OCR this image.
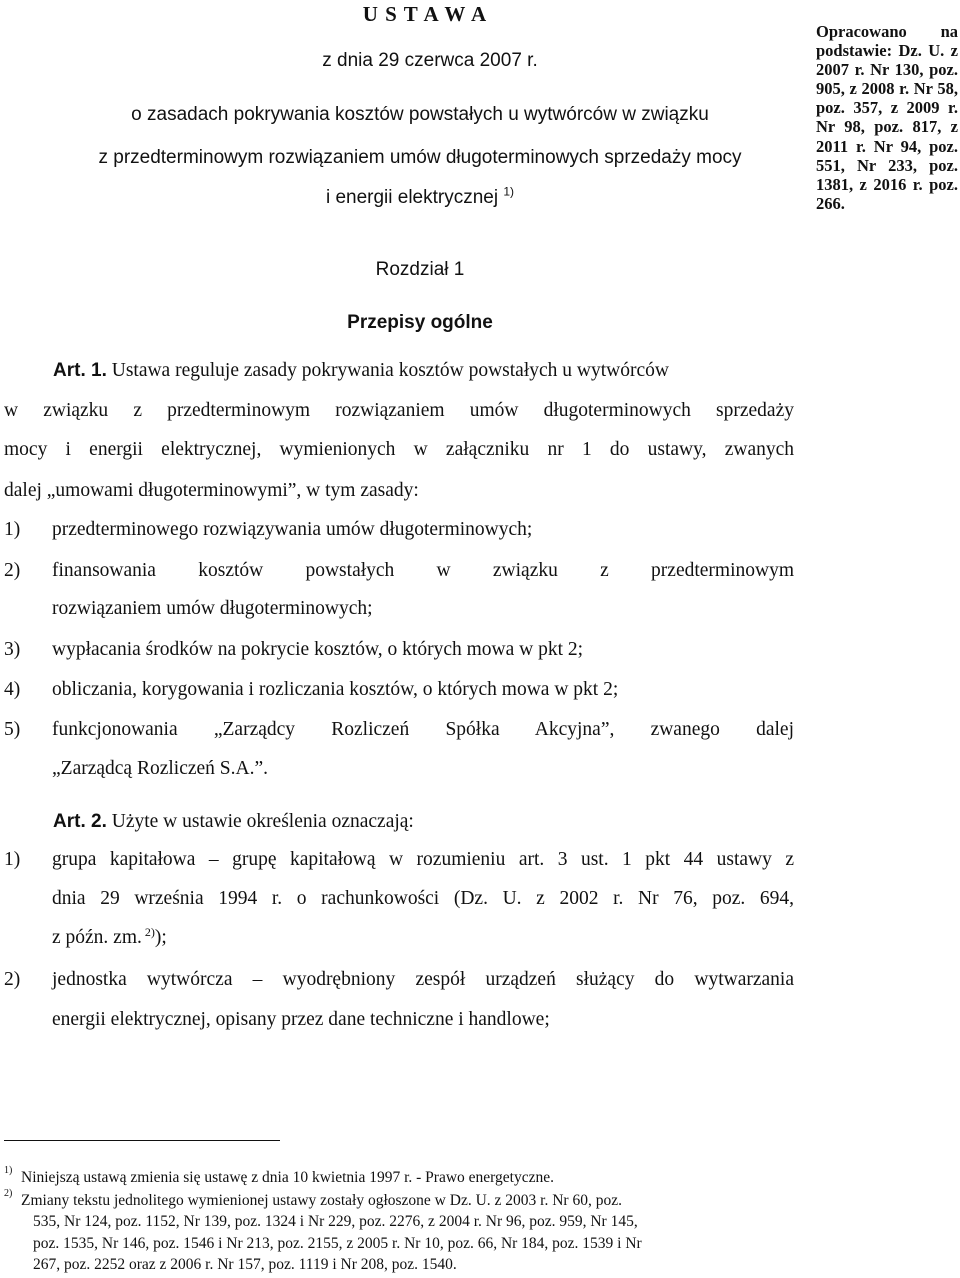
U S T A W A
z dnia 29 czerwca 2007 r.
o zasadach pokrywania kosztów powstałych u wytwórców w związku
z przedterminowym rozwiązaniem umów długoterminowych sprzedaży mocy
i energii elektrycznej $^{1)}$
Rozdział 1
Przepisy ogólne
Opracowano na podstawie: Dz. U. z 2007 r. Nr 130, poz. 905, z 2008 r. Nr 58, poz. 357, z 2009 r. Nr 98, poz. 817, z 2011 r. Nr 94, poz. 551, Nr 233, poz. 1381, z 2016 r. poz. 266.
Art. 1. Ustawa reguluje zasady pokrywania kosztów powstałych u wytwórców
w związku z przedterminowym rozwiązaniem umów długoterminowych sprzedaży
mocy i energii elektrycznej, wymienionych w załączniku nr 1 do ustawy, zwanych
dalej „umowami długoterminowymi”, w tym zasady:
1) przedterminowego rozwiązywania umów długoterminowych;
2) finansowania kosztów powstałych w związku z przedterminowym
rozwiązaniem umów długoterminowych;
3) wypłacania środków na pokrycie kosztów, o których mowa w pkt 2;
4) obliczania, korygowania i rozliczania kosztów, o których mowa w pkt 2;
5) funkcjonowania „Zarządcy Rozliczeń Spółka Akcyjna”, zwanego dalej
„Zarządcą Rozliczeń S.A.”.
Art. 2. Użyte w ustawie określenia oznaczają:
1) grupa kapitałowa – grupę kapitałową w rozumieniu art. 3 ust. 1 pkt 44 ustawy z
dnia 29 września 1994 r. o rachunkowości (Dz. U. z 2002 r. Nr 76, poz. 694,
z późn. zm. $^{2)}$);
2) jednostka wytwórcza – wyodrębniony zespół urządzeń służący do wytwarzania
energii elektrycznej, opisany przez dane techniczne i handlowe;
1) Niniejszą ustawą zmienia się ustawę z dnia 10 kwietnia 1997 r. - Prawo energetyczne.
2) Zmiany tekstu jednolitego wymienionej ustawy zostały ogłoszone w Dz. U. z 2003 r. Nr 60, poz.
535, Nr 124, poz. 1152, Nr 139, poz. 1324 i Nr 229, poz. 2276, z 2004 r. Nr 96, poz. 959, Nr 145,
poz. 1535, Nr 146, poz. 1546 i Nr 213, poz. 2155, z 2005 r. Nr 10, poz. 66, Nr 184, poz. 1539 i Nr
267, poz. 2252 oraz z 2006 r. Nr 157, poz. 1119 i Nr 208, poz. 1540.
